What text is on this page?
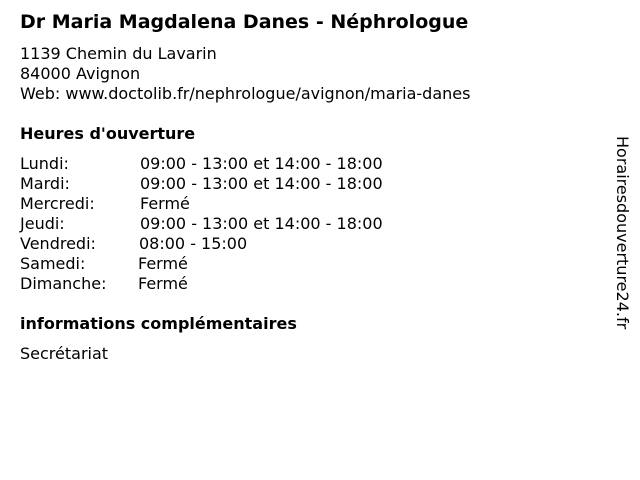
Dr Maria Magdalena Danes - Néphrologue
1139 Chemin du Lavarin
84000 Avignon
Web: www.doctolib.fr/nephrologue/avignon/maria-danes
Heures d'ouverture
Lundi:	09:00 - 13:00 et 14:00 - 18:00
Mardi:	09:00 - 13:00 et 14:00 - 18:00
Mercredi:	Fermé
Jeudi:	09:00 - 13:00 et 14:00 - 18:00
Vendredi:	08:00 - 15:00
Samedi:	Fermé
Dimanche: Fermé
informations complémentaires
Secrétariat
Horairesdouverture24.fr
